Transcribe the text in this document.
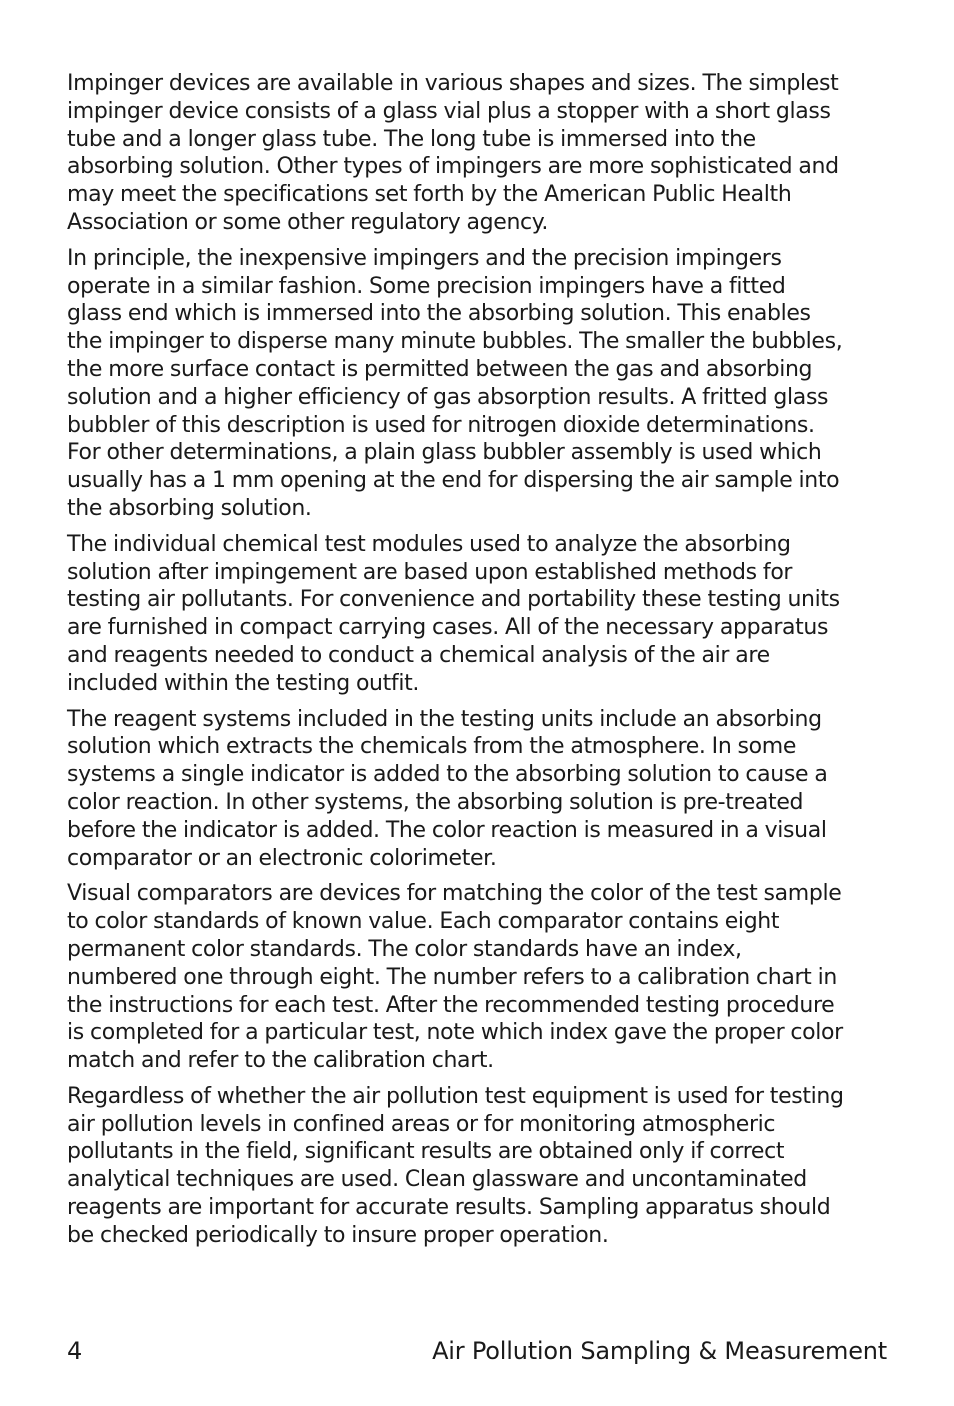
Impinger devices are available in various shapes and sizes. The simplest
impinger device consists of a glass vial plus a stopper with a short glass
tube and a longer glass tube. The long tube is immersed into the
absorbing solution. Other types of impingers are more sophisticated and
may meet the specifications set forth by the American Public Health
Association or some other regulatory agency.

In principle, the inexpensive impingers and the precision impingers
operate in a similar fashion. Some precision impingers have a fitted
glass end which is immersed into the absorbing solution. This enables
the impinger to disperse many minute bubbles. The smaller the bubbles,
the more surface contact is permitted between the gas and absorbing
solution and a higher efficiency of gas absorption results. A fritted glass
bubbler of this description is used for nitrogen dioxide determinations.
For other determinations, a plain glass bubbler assembly is used which
usually has a 1 mm opening at the end for dispersing the air sample into
the absorbing solution.

The individual chemical test modules used to analyze the absorbing
solution after impingement are based upon established methods for
testing air pollutants. For convenience and portability these testing units
are furnished in compact carrying cases. All of the necessary apparatus
and reagents needed to conduct a chemical analysis of the air are
included within the testing outfit.

The reagent systems included in the testing units include an absorbing
solution which extracts the chemicals from the atmosphere. In some
systems a single indicator is added to the absorbing solution to cause a
color reaction. In other systems, the absorbing solution is pre-treated
before the indicator is added. The color reaction is measured in a visual
comparator or an electronic colorimeter.

Visual comparators are devices for matching the color of the test sample
to color standards of known value. Each comparator contains eight
permanent color standards. The color standards have an index,
numbered one through eight. The number refers to a calibration chart in
the instructions for each test. After the recommended testing procedure
is completed for a particular test, note which index gave the proper color
match and refer to the calibration chart.

Regardless of whether the air pollution test equipment is used for testing
air pollution levels in confined areas or for monitoring atmospheric
pollutants in the field, significant results are obtained only if correct
analytical techniques are used. Clean glassware and uncontaminated
reagents are important for accurate results. Sampling apparatus should
be checked periodically to insure proper operation.

4	Air Pollution Sampling & Measurement
